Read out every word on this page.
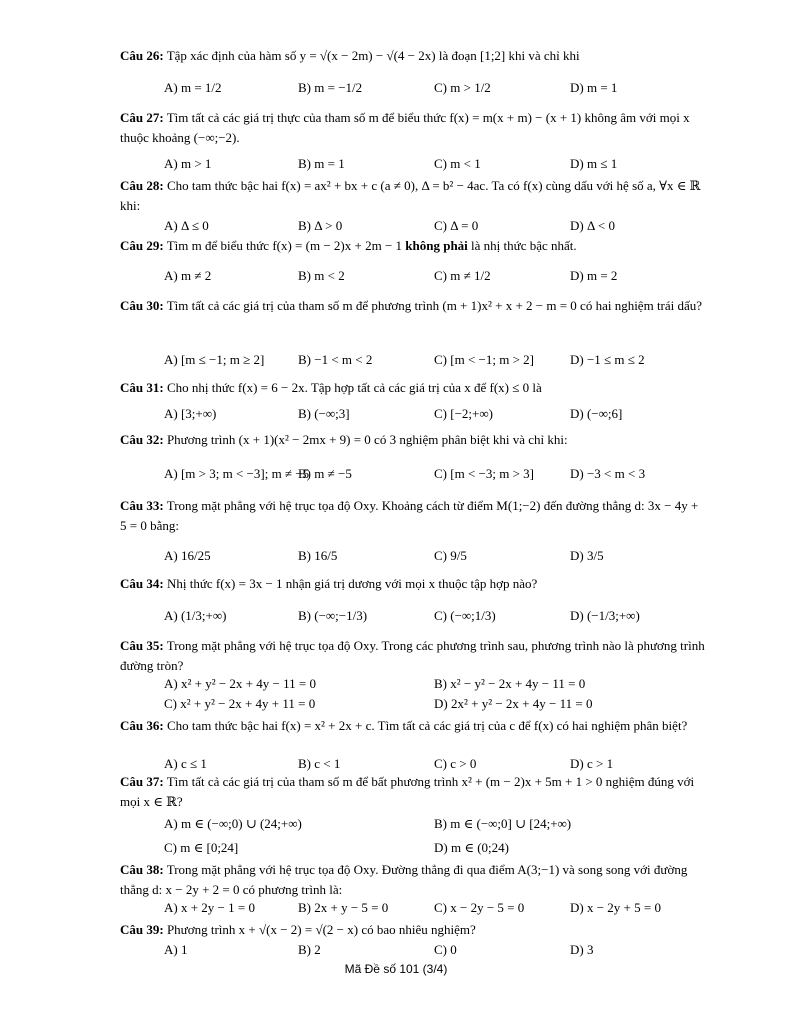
Câu 26: Tập xác định của hàm số y = √(x − 2m) − √(4 − 2x) là đoạn [1;2] khi và chỉ khi
A) m = 1/2	B) m = −1/2	C) m > 1/2	D) m = 1
Câu 27: Tìm tất cả các giá trị thực của tham số m để biểu thức f(x) = m(x + m) − (x + 1) không âm với mọi x thuộc khoảng (−∞;−2).
A) m > 1	B) m = 1	C) m < 1	D) m ≤ 1
Câu 28: Cho tam thức bậc hai f(x) = ax² + bx + c (a ≠ 0), Δ = b² − 4ac. Ta có f(x) cùng dấu với hệ số a, ∀x ∈ ℝ khi:
A) Δ ≤ 0	B) Δ > 0	C) Δ = 0	D) Δ < 0
Câu 29: Tìm m để biểu thức f(x) = (m − 2)x + 2m − 1 không phải là nhị thức bậc nhất.
A) m ≠ 2	B) m < 2	C) m ≠ 1/2	D) m = 2
Câu 30: Tìm tất cả các giá trị của tham số m để phương trình (m + 1)x² + x + 2 − m = 0 có hai nghiệm trái dấu?
A) [m ≤ −1; m ≥ 2]	B) −1 < m < 2	C) [m < −1; m > 2]	D) −1 ≤ m ≤ 2
Câu 31: Cho nhị thức f(x) = 6 − 2x. Tập hợp tất cả các giá trị của x để f(x) ≤ 0 là
A) [3;+∞)	B) (−∞;3]	C) [−2;+∞)	D) (−∞;6]
Câu 32: Phương trình (x + 1)(x² − 2mx + 9) = 0 có 3 nghiệm phân biệt khi và chỉ khi:
A) [m > 3; m < −3]; m ≠ −5
B) m ≠ −5	C) [m < −3; m > 3]	D) −3 < m < 3
Câu 33: Trong mặt phẳng với hệ trục tọa độ Oxy. Khoảng cách từ điểm M(1;−2) đến đường thẳng d: 3x − 4y + 5 = 0 bằng:
A) 16/25	B) 16/5	C) 9/5	D) 3/5
Câu 34: Nhị thức f(x) = 3x − 1 nhận giá trị dương với mọi x thuộc tập hợp nào?
A) (1/3;+∞)	B) (−∞;−1/3)	C) (−∞;1/3)	D) (−1/3;+∞)
Câu 35: Trong mặt phẳng với hệ trục tọa độ Oxy. Trong các phương trình sau, phương trình nào là phương trình đường tròn?
A) x² + y² − 2x + 4y − 11 = 0	B) x² − y² − 2x + 4y − 11 = 0
C) x² + y² − 2x + 4y + 11 = 0	D) 2x² + y² − 2x + 4y − 11 = 0
Câu 36: Cho tam thức bậc hai f(x) = x² + 2x + c. Tìm tất cả các giá trị của c để f(x) có hai nghiệm phân biệt?
A) c ≤ 1	B) c < 1	C) c > 0	D) c > 1
Câu 37: Tìm tất cả các giá trị của tham số m để bất phương trình x² + (m − 2)x + 5m + 1 > 0 nghiệm đúng với mọi x ∈ ℝ?
A) m ∈ (−∞;0) ∪ (24;+∞)	B) m ∈ (−∞;0] ∪ [24;+∞)
C) m ∈ [0;24]	D) m ∈ (0;24)
Câu 38: Trong mặt phẳng với hệ trục tọa độ Oxy. Đường thẳng đi qua điểm A(3;−1) và song song với đường thẳng d: x − 2y + 2 = 0 có phương trình là:
A) x + 2y − 1 = 0	B) 2x + y − 5 = 0	C) x − 2y − 5 = 0	D) x − 2y + 5 = 0
Câu 39: Phương trình x + √(x − 2) = √(2 − x) có bao nhiêu nghiệm?
A) 1	B) 2	C) 0	D) 3
Mã Đề số 101 (3/4)
